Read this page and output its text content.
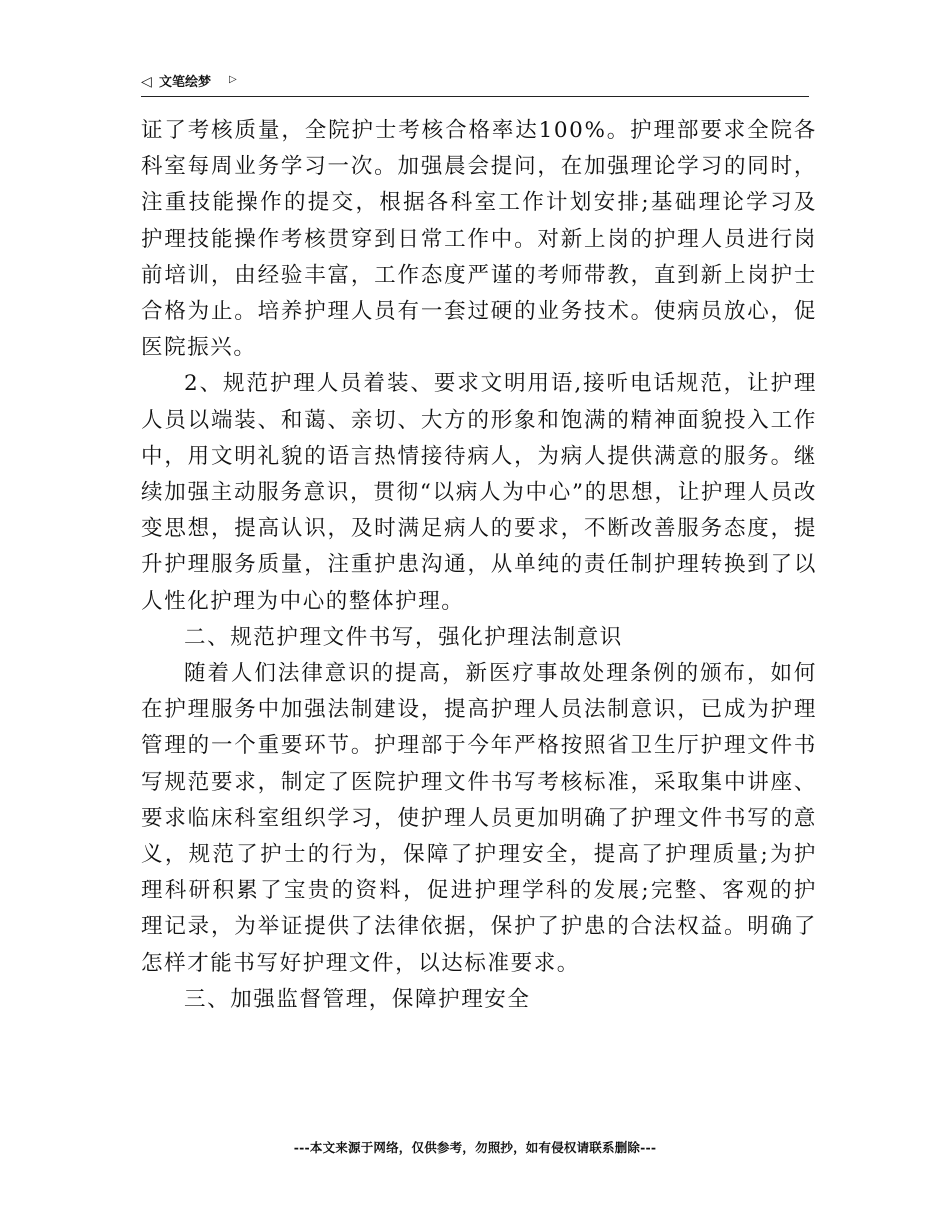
◁ 文笔绘梦 ▷

证了考核质量，全院护士考核合格率达100%。护理部要求全院各科室每周业务学习一次。加强晨会提问，在加强理论学习的同时，注重技能操作的提交，根据各科室工作计划安排;基础理论学习及护理技能操作考核贯穿到日常工作中。对新上岗的护理人员进行岗前培训，由经验丰富，工作态度严谨的考师带教，直到新上岗护士合格为止。培养护理人员有一套过硬的业务技术。使病员放心，促医院振兴。

2、规范护理人员着装、要求文明用语,接听电话规范，让护理人员以端装、和蔼、亲切、大方的形象和饱满的精神面貌投入工作中，用文明礼貌的语言热情接待病人，为病人提供满意的服务。继续加强主动服务意识，贯彻“以病人为中心”的思想，让护理人员改变思想，提高认识，及时满足病人的要求，不断改善服务态度，提升护理服务质量，注重护患沟通，从单纯的责任制护理转换到了以人性化护理为中心的整体护理。

二、规范护理文件书写，强化护理法制意识

随着人们法律意识的提高，新医疗事故处理条例的颁布，如何在护理服务中加强法制建设，提高护理人员法制意识，已成为护理管理的一个重要环节。护理部于今年严格按照省卫生厅护理文件书写规范要求，制定了医院护理文件书写考核标准，采取集中讲座、要求临床科室组织学习，使护理人员更加明确了护理文件书写的意义，规范了护士的行为，保障了护理安全，提高了护理质量;为护理科研积累了宝贵的资料，促进护理学科的发展;完整、客观的护理记录，为举证提供了法律依据，保护了护患的合法权益。明确了怎样才能书写好护理文件，以达标准要求。

三、加强监督管理，保障护理安全

---本文来源于网络，仅供参考，勿照抄，如有侵权请联系删除---
